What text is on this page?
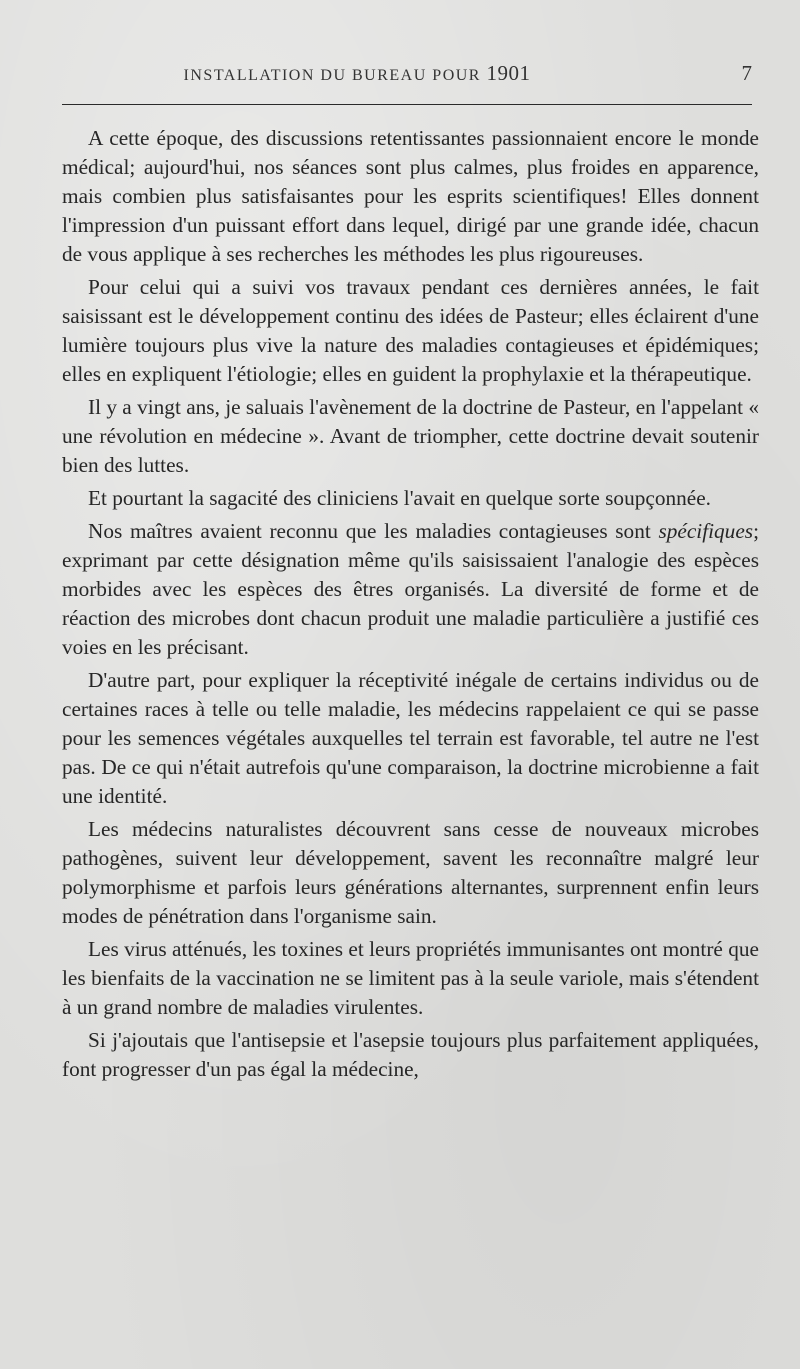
INSTALLATION DU BUREAU POUR 1901	7

A cette époque, des discussions retentissantes passionnaient encore le monde médical; aujourd'hui, nos séances sont plus calmes, plus froides en apparence, mais combien plus satisfaisantes pour les esprits scientifiques! Elles donnent l'impression d'un puissant effort dans lequel, dirigé par une grande idée, chacun de vous applique à ses recherches les méthodes les plus rigoureuses.

Pour celui qui a suivi vos travaux pendant ces dernières années, le fait saisissant est le développement continu des idées de Pasteur; elles éclairent d'une lumière toujours plus vive la nature des maladies contagieuses et épidémiques; elles en expliquent l'étiologie; elles en guident la prophylaxie et la thérapeutique.

Il y a vingt ans, je saluais l'avènement de la doctrine de Pasteur, en l'appelant « une révolution en médecine ». Avant de triompher, cette doctrine devait soutenir bien des luttes.

Et pourtant la sagacité des cliniciens l'avait en quelque sorte soupçonnée.

Nos maîtres avaient reconnu que les maladies contagieuses sont spécifiques; exprimant par cette désignation même qu'ils saisissaient l'analogie des espèces morbides avec les espèces des êtres organisés. La diversité de forme et de réaction des microbes dont chacun produit une maladie particulière a justifié ces voies en les précisant.

D'autre part, pour expliquer la réceptivité inégale de certains individus ou de certaines races à telle ou telle maladie, les médecins rappelaient ce qui se passe pour les semences végétales auxquelles tel terrain est favorable, tel autre ne l'est pas. De ce qui n'était autrefois qu'une comparaison, la doctrine microbienne a fait une identité.

Les médecins naturalistes découvrent sans cesse de nouveaux microbes pathogènes, suivent leur développement, savent les reconnaître malgré leur polymorphisme et parfois leurs générations alternantes, surprennent enfin leurs modes de pénétration dans l'organisme sain.

Les virus atténués, les toxines et leurs propriétés immunisantes ont montré que les bienfaits de la vaccination ne se limitent pas à la seule variole, mais s'étendent à un grand nombre de maladies virulentes.

Si j'ajoutais que l'antisepsie et l'asepsie toujours plus parfaitement appliquées, font progresser d'un pas égal la médecine,
